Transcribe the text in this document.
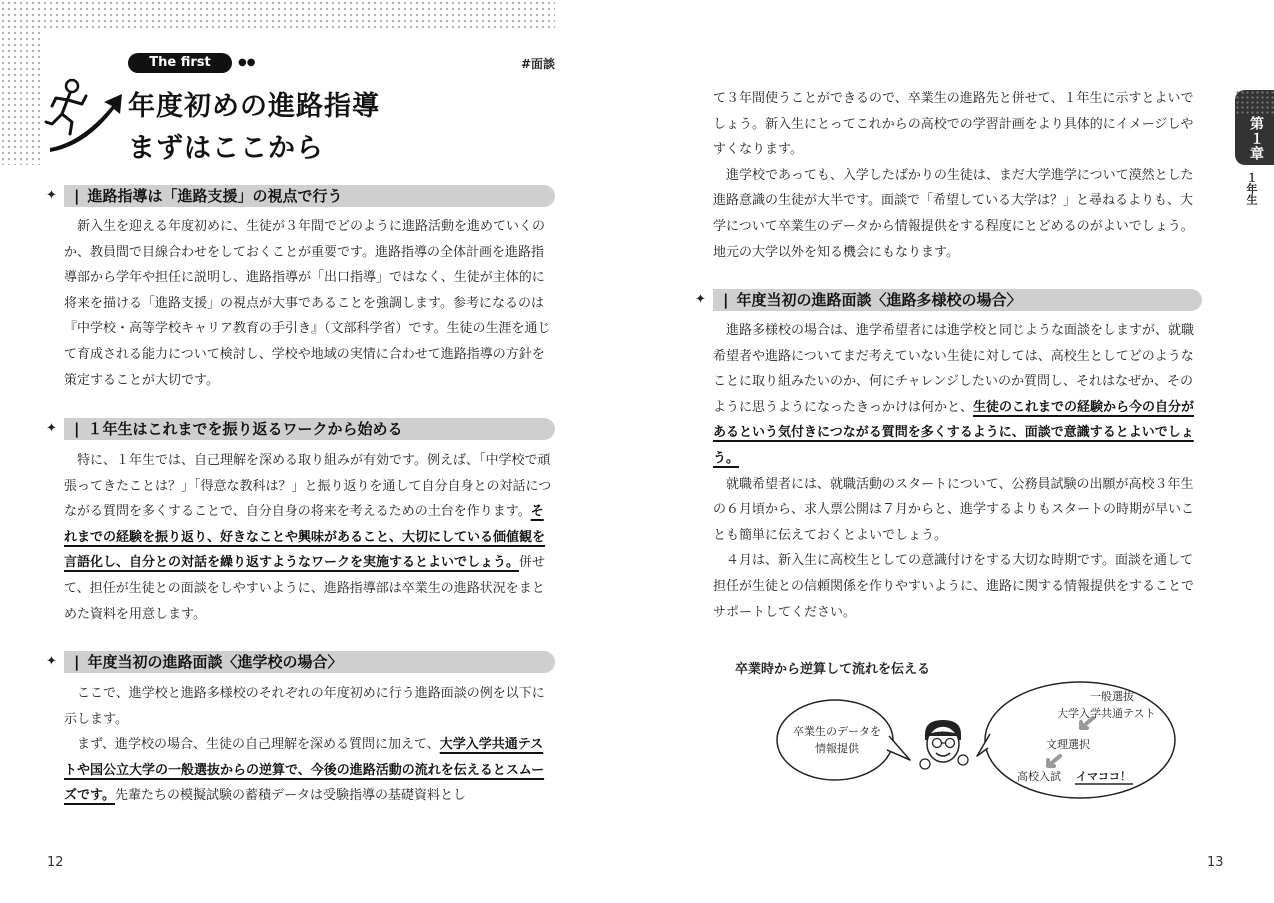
The first grade
●●	#面談
年度初めの進路指導
まずはここから
✦	| 進路指導は「進路支援」の視点で行う

新入生を迎える年度初めに、生徒が３年間でどのように進路活動を進めていくのか、教員間で目線合わせをしておくことが重要です。進路指導の全体計画を進路指導部から学年や担任に説明し、進路指導が「出口指導」ではなく、生徒が主体的に将来を描ける「進路支援」の視点が大事であることを強調します。参考になるのは『中学校・高等学校キャリア教育の手引き』（文部科学省）です。生徒の生涯を通じて育成される能力について検討し、学校や地域の実情に合わせて進路指導の方針を策定することが大切です。

✦	| １年生はこれまでを振り返るワークから始める

特に、１年生では、自己理解を深める取り組みが有効です。例えば、「中学校で頑張ってきたことは？」「得意な教科は？」と振り返りを通して自分自身との対話につながる質問を多くすることで、自分自身の将来を考えるための土台を作ります。それまでの経験を振り返り、好きなことや興味があること、大切にしている価値観を言語化し、自分との対話を繰り返すようなワークを実施するとよいでしょう。併せて、担任が生徒との面談をしやすいように、進路指導部は卒業生の進路状況をまとめた資料を用意します。

✦	| 年度当初の進路面談〈進学校の場合〉

ここで、進学校と進路多様校のそれぞれの年度初めに行う進路面談の例を以下に示します。

まず、進学校の場合、生徒の自己理解を深める質問に加えて、大学入学共通テストや国公立大学の一般選抜からの逆算で、今後の進路活動の流れを伝えるとスムーズです。先輩たちの模擬試験の蓄積データは受験指導の基礎資料とし

12
第１章
１年生

て３年間使うことができるので、卒業生の進路先と併せて、１年生に示すとよいでしょう。新入生にとってこれからの高校での学習計画をより具体的にイメージしやすくなります。

進学校であっても、入学したばかりの生徒は、まだ大学進学について漠然とした進路意識の生徒が大半です。面談で「希望している大学は？」と尋ねるよりも、大学について卒業生のデータから情報提供をする程度にとどめるのがよいでしょう。地元の大学以外を知る機会にもなります。

✦	| 年度当初の進路面談〈進路多様校の場合〉

進路多様校の場合は、進学希望者には進学校と同じような面談をしますが、就職希望者や進路についてまだ考えていない生徒に対しては、高校生としてどのようなことに取り組みたいのか、何にチャレンジしたいのか質問し、それはなぜか、そのように思うようになったきっかけは何かと、生徒のこれまでの経験から今の自分があるという気付きにつながる質問を多くするように、面談で意識するとよいでしょう。

就職希望者には、就職活動のスタートについて、公務員試験の出願が高校３年生の６月頃から、求人票公開は７月からと、進学するよりもスタートの時期が早いことも簡単に伝えておくとよいでしょう。

４月は、新入生に高校生としての意識付けをする大切な時期です。面談を通して担任が生徒との信頼関係を作りやすいように、進路に関する情報提供をすることでサポートしてください。

卒業時から逆算して流れを伝える
卒業生のデータを
情報提供
一般選抜
大学入学共通テスト
文理選択
高校入試 イマココ！
13
